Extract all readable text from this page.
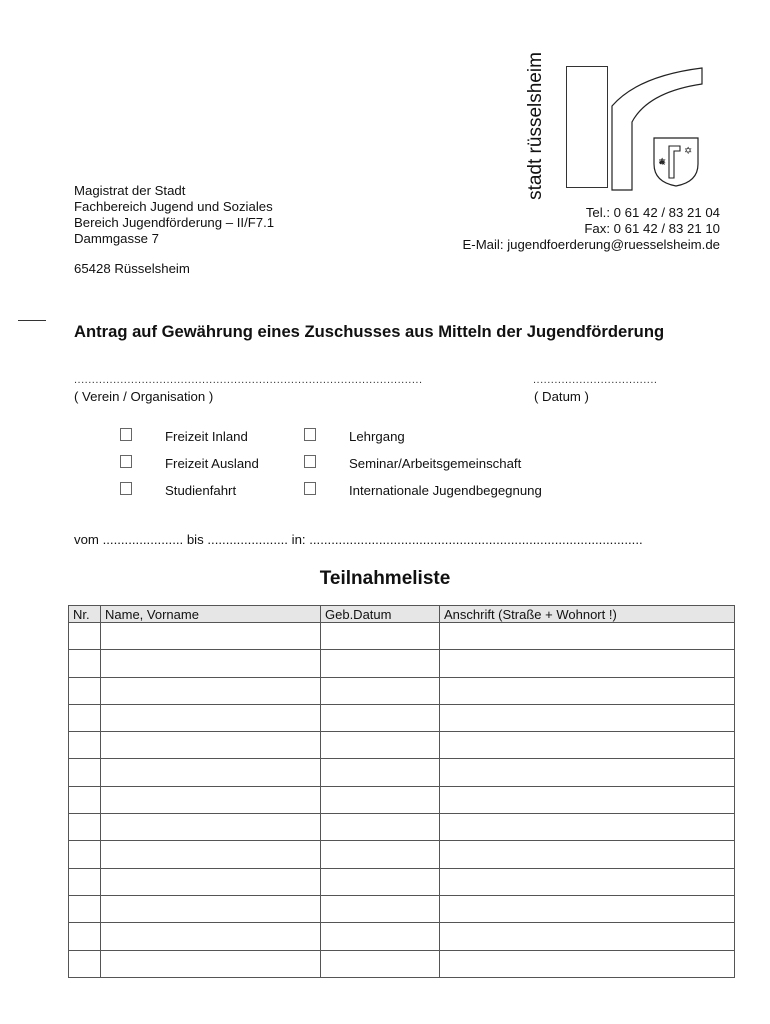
stadt rüsselsheim	✡
✡
Magistrat der Stadt
Fachbereich Jugend und Soziales
Bereich Jugendförderung – II/F7.1
Dammgasse 7
65428 Rüsselsheim
Tel.: 0 61 42 / 83 21 04
Fax: 0 61 42 / 83 21 10
E-Mail: jugendfoerderung@ruesselsheim.de
Antrag auf Gewährung eines Zuschusses aus Mitteln der Jugendförderung
..................................................................................................
( Verein / Organisation )
...................................
( Datum )
Freizeit Inland
Freizeit Ausland
Studienfahrt
Lehrgang
Seminar/Arbeitsgemeinschaft
Internationale Jugendbegegnung
vom ...................... bis ...................... in: ...........................................................................................
Teilnahmeliste
Nr.	Name, Vorname	Geb.Datum	Anschrift (Straße + Wohnort !)
